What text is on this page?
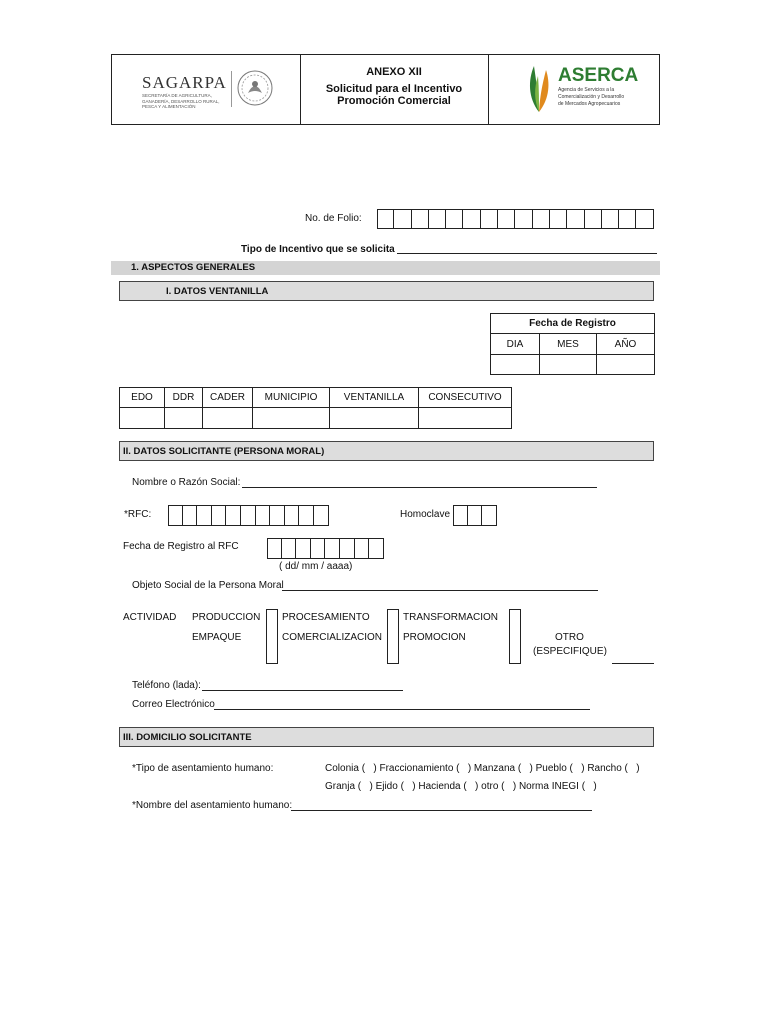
SAGARPA
SECRETARÍA DE AGRICULTURA,
GANADERÍA, DESARROLLO RURAL,
PESCA Y ALIMENTACIÓN
ANEXO XII
Solicitud para el Incentivo
Promoción Comercial
ASERCA
Agencia de Servicios a la
Comercialización y Desarrollo
de Mercados Agropecuarios
No. de Folio:
Tipo de Incentivo que se solicita
1. ASPECTOS GENERALES
I. DATOS VENTANILLA
Fecha de Registro		
DIA	MES	AÑO

EDO	DDR	CADER	MUNICIPIO	VENTANILLA	CONSECUTIVO

II. DATOS SOLICITANTE (PERSONA MORAL)
Nombre o Razón Social:
*RFC:	Homoclave
Fecha de Registro al RFC
( dd/ mm / aaaa)
Objeto Social de la Persona Moral
ACTIVIDAD PRODUCCION
EMPAQUE
PROCESAMIENTO
COMERCIALIZACION
TRANSFORMACION
PROMOCION	OTRO
(ESPECIFIQUE)
Teléfono (lada):
Correo Electrónico
III. DOMICILIO SOLICITANTE
*Tipo de asentamiento humano:	Colonia (   ) Fraccionamiento (   ) Manzana (   ) Pueblo (   ) Rancho (   )
Granja (   ) Ejido (   ) Hacienda (   ) otro (   ) Norma INEGI (   )
*Nombre del asentamiento humano:
